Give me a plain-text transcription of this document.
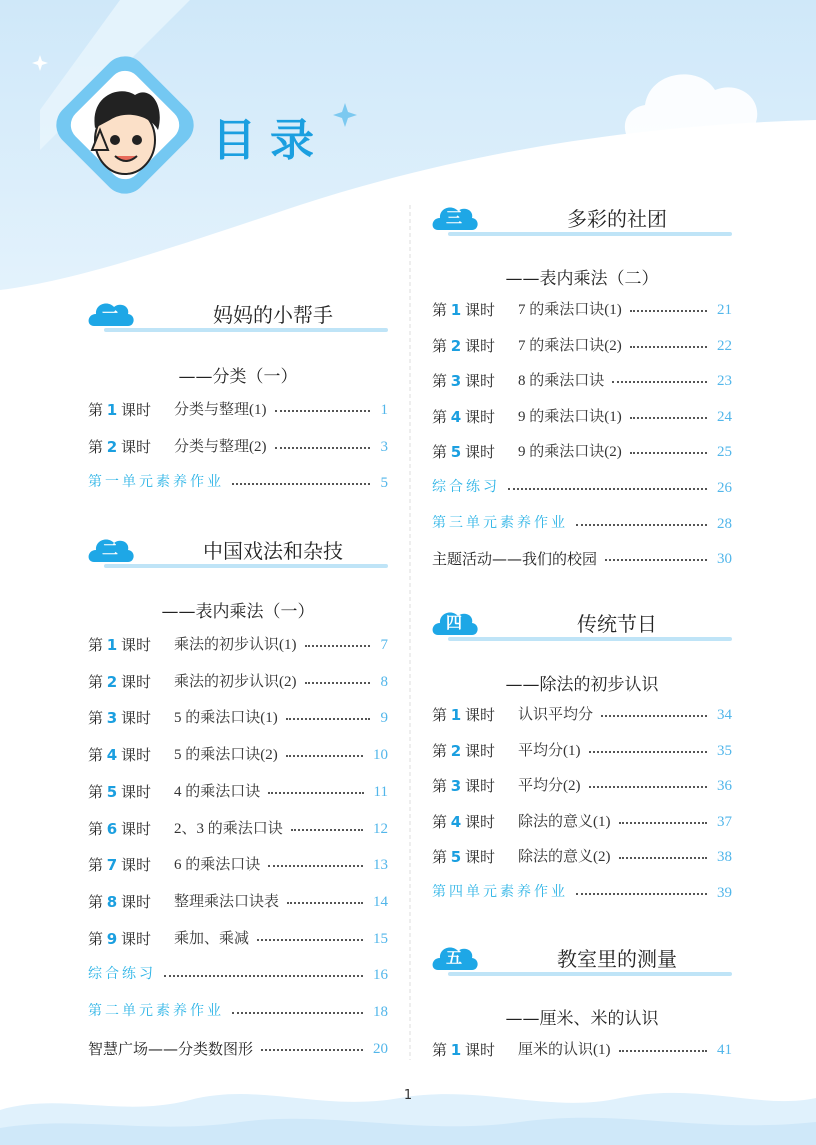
目录
一	妈妈的小帮手
——分类（一）
第 1 课时 分类与整理(1)	1
第 2 课时 分类与整理(2)	3
第一单元素养作业	5
二	中国戏法和杂技
——表内乘法（一）
第 1 课时 乘法的初步认识(1)	7
第 2 课时 乘法的初步认识(2)	8
第 3 课时 5 的乘法口诀(1)	9
第 4 课时 5 的乘法口诀(2)	10
第 5 课时 4 的乘法口诀	11
第 6 课时 2、3 的乘法口诀	12
第 7 课时 6 的乘法口诀	13
第 8 课时 整理乘法口诀表	14
第 9 课时 乘加、乘减	15
综合练习	16
第二单元素养作业	18
智慧广场——分类数图形	20
三	多彩的社团
——表内乘法（二）
第 1 课时 7 的乘法口诀(1)	21
第 2 课时 7 的乘法口诀(2)	22
第 3 课时 8 的乘法口诀	23
第 4 课时 9 的乘法口诀(1)	24
第 5 课时 9 的乘法口诀(2)	25
综合练习	26
第三单元素养作业	28
主题活动——我们的校园	30
四	传统节日
——除法的初步认识
第 1 课时 认识平均分	34
第 2 课时 平均分(1)	35
第 3 课时 平均分(2)	36
第 4 课时 除法的意义(1)	37
第 5 课时 除法的意义(2)	38
第四单元素养作业	39
五	教室里的测量
——厘米、米的认识
第 1 课时 厘米的认识(1)	41
1
